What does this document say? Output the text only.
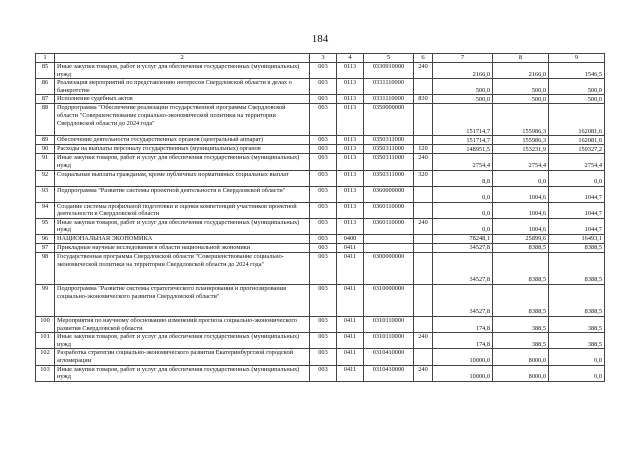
184
1	2	3	4	5	6	7	8	9
85	Иные закупки товаров, работ и услуг для обеспечения государственных (муниципальных) нужд	003	0113	0330910000	240	2166,0	2166,0	1546,5
86	Реализация мероприятий по представлению интересов Свердловской области в делах о банкротстве	003	0113	0331110000		500,0	500,0	500,0
87	Исполнение судебных актов	003	0113	0331110000	830	500,0	500,0	500,0
88	Подпрограмма "Обеспечение реализации государственной программы Свердловской области "Совершенствование социально-экономической политики на территории Свердловской области до 2024 года"	003	0113	0350000000		151714,7	155986,3	162081,6
89	Обеспечение деятельности государственных органов (центральный аппарат)	003	0113	0350311000		151714,7	155986,3	162081,6
90	Расходы на выплаты персоналу государственных (муниципальных) органов	003	0113	0350311000	120	148951,5	153231,9	159327,2
91	Иные закупки товаров, работ и услуг для обеспечения государственных (муниципальных) нужд	003	0113	0350311000	240	2754,4	2754,4	2754,4
92	Социальные выплаты гражданам, кроме публичных нормативных социальных выплат	003	0113	0350311000	320	8,8	0,0	0,0
93	Подпрограмма "Развитие системы проектной деятельности в Свердловской области"	003	0113	0360000000		0,0	1004,6	1044,7
94	Создание системы профильной подготовки и оценки компетенций участников проектной деятельности в Свердловской области	003	0113	0360110000		0,0	1004,6	1044,7
95	Иные закупки товаров, работ и услуг для обеспечения государственных (муниципальных) нужд	003	0113	0360110000	240	0,0	1004,6	1044,7
96	НАЦИОНАЛЬНАЯ ЭКОНОМИКА	003	0400			78248,1	25899,6	16493,1
97	Прикладные научные исследования в области национальной экономики	003	0411			34527,8	8388,5	8388,5
98	Государственная программа Свердловской области "Совершенствование социально-экономической политики на территории Свердловской области до 2024 года"	003	0411	0300000000		34527,8	8388,5	8388,5
99	Подпрограмма "Развитие системы стратегического планирования и прогнозирования социально-экономического развития Свердловской области"	003	0411	0310000000		34527,8	8388,5	8388,5
100	Мероприятия по научному обоснованию изменений прогноза социально-экономического развития Свердловской области	003	0411	0310110000		174,8	388,5	388,5
101	Иные закупки товаров, работ и услуг для обеспечения государственных (муниципальных) нужд	003	0411	0310110000	240	174,8	388,5	388,5
102	Разработка стратегии социально-экономического развития Екатеринбургской городской агломерации	003	0411	0310410000		10000,0	8000,0	0,0
103	Иные закупки товаров, работ и услуг для обеспечения государственных (муниципальных) нужд	003	0411	0310410000	240	10000,0	8000,0	0,0
